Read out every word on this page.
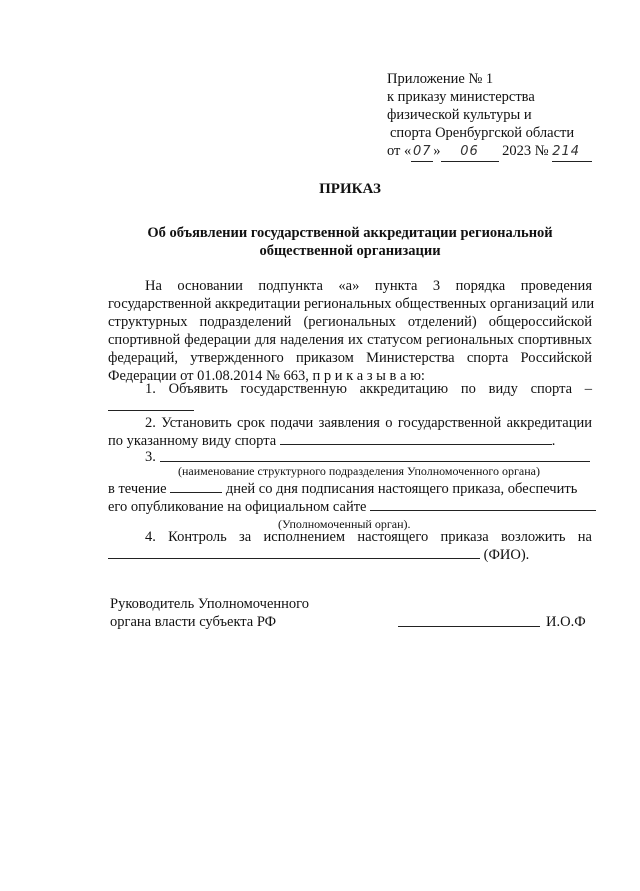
Приложение № 1
к приказу министерства
физической культуры и
спорта Оренбургской области
от « 07 » 06 2023 № 214
ПРИКАЗ
Об объявлении государственной аккредитации региональной
общественной организации
На основании подпункта «а» пункта 3 порядка проведения
государственной аккредитации региональных общественных организаций или
структурных подразделений (региональных отделений) общероссийской
спортивной федерации для наделения их статусом региональных спортивных
федераций, утвержденного приказом Министерства спорта Российской
Федерации от 01.08.2014 № 663, п р и к а з ы в а ю:
1. Объявить государственную аккредитацию по виду спорта –
2. Установить срок подачи заявления о государственной аккредитации
по указанному виду спорта	.
3.
(наименование структурного подразделения Уполномоченного органа)
в течение	дней со дня подписания настоящего приказа, обеспечить
его опубликование на официальном сайте
(Уполномоченный орган).
4. Контроль за исполнением настоящего приказа возложить на
(ФИО).
Руководитель Уполномоченного
органа власти субъекта РФ	И.О.Ф
